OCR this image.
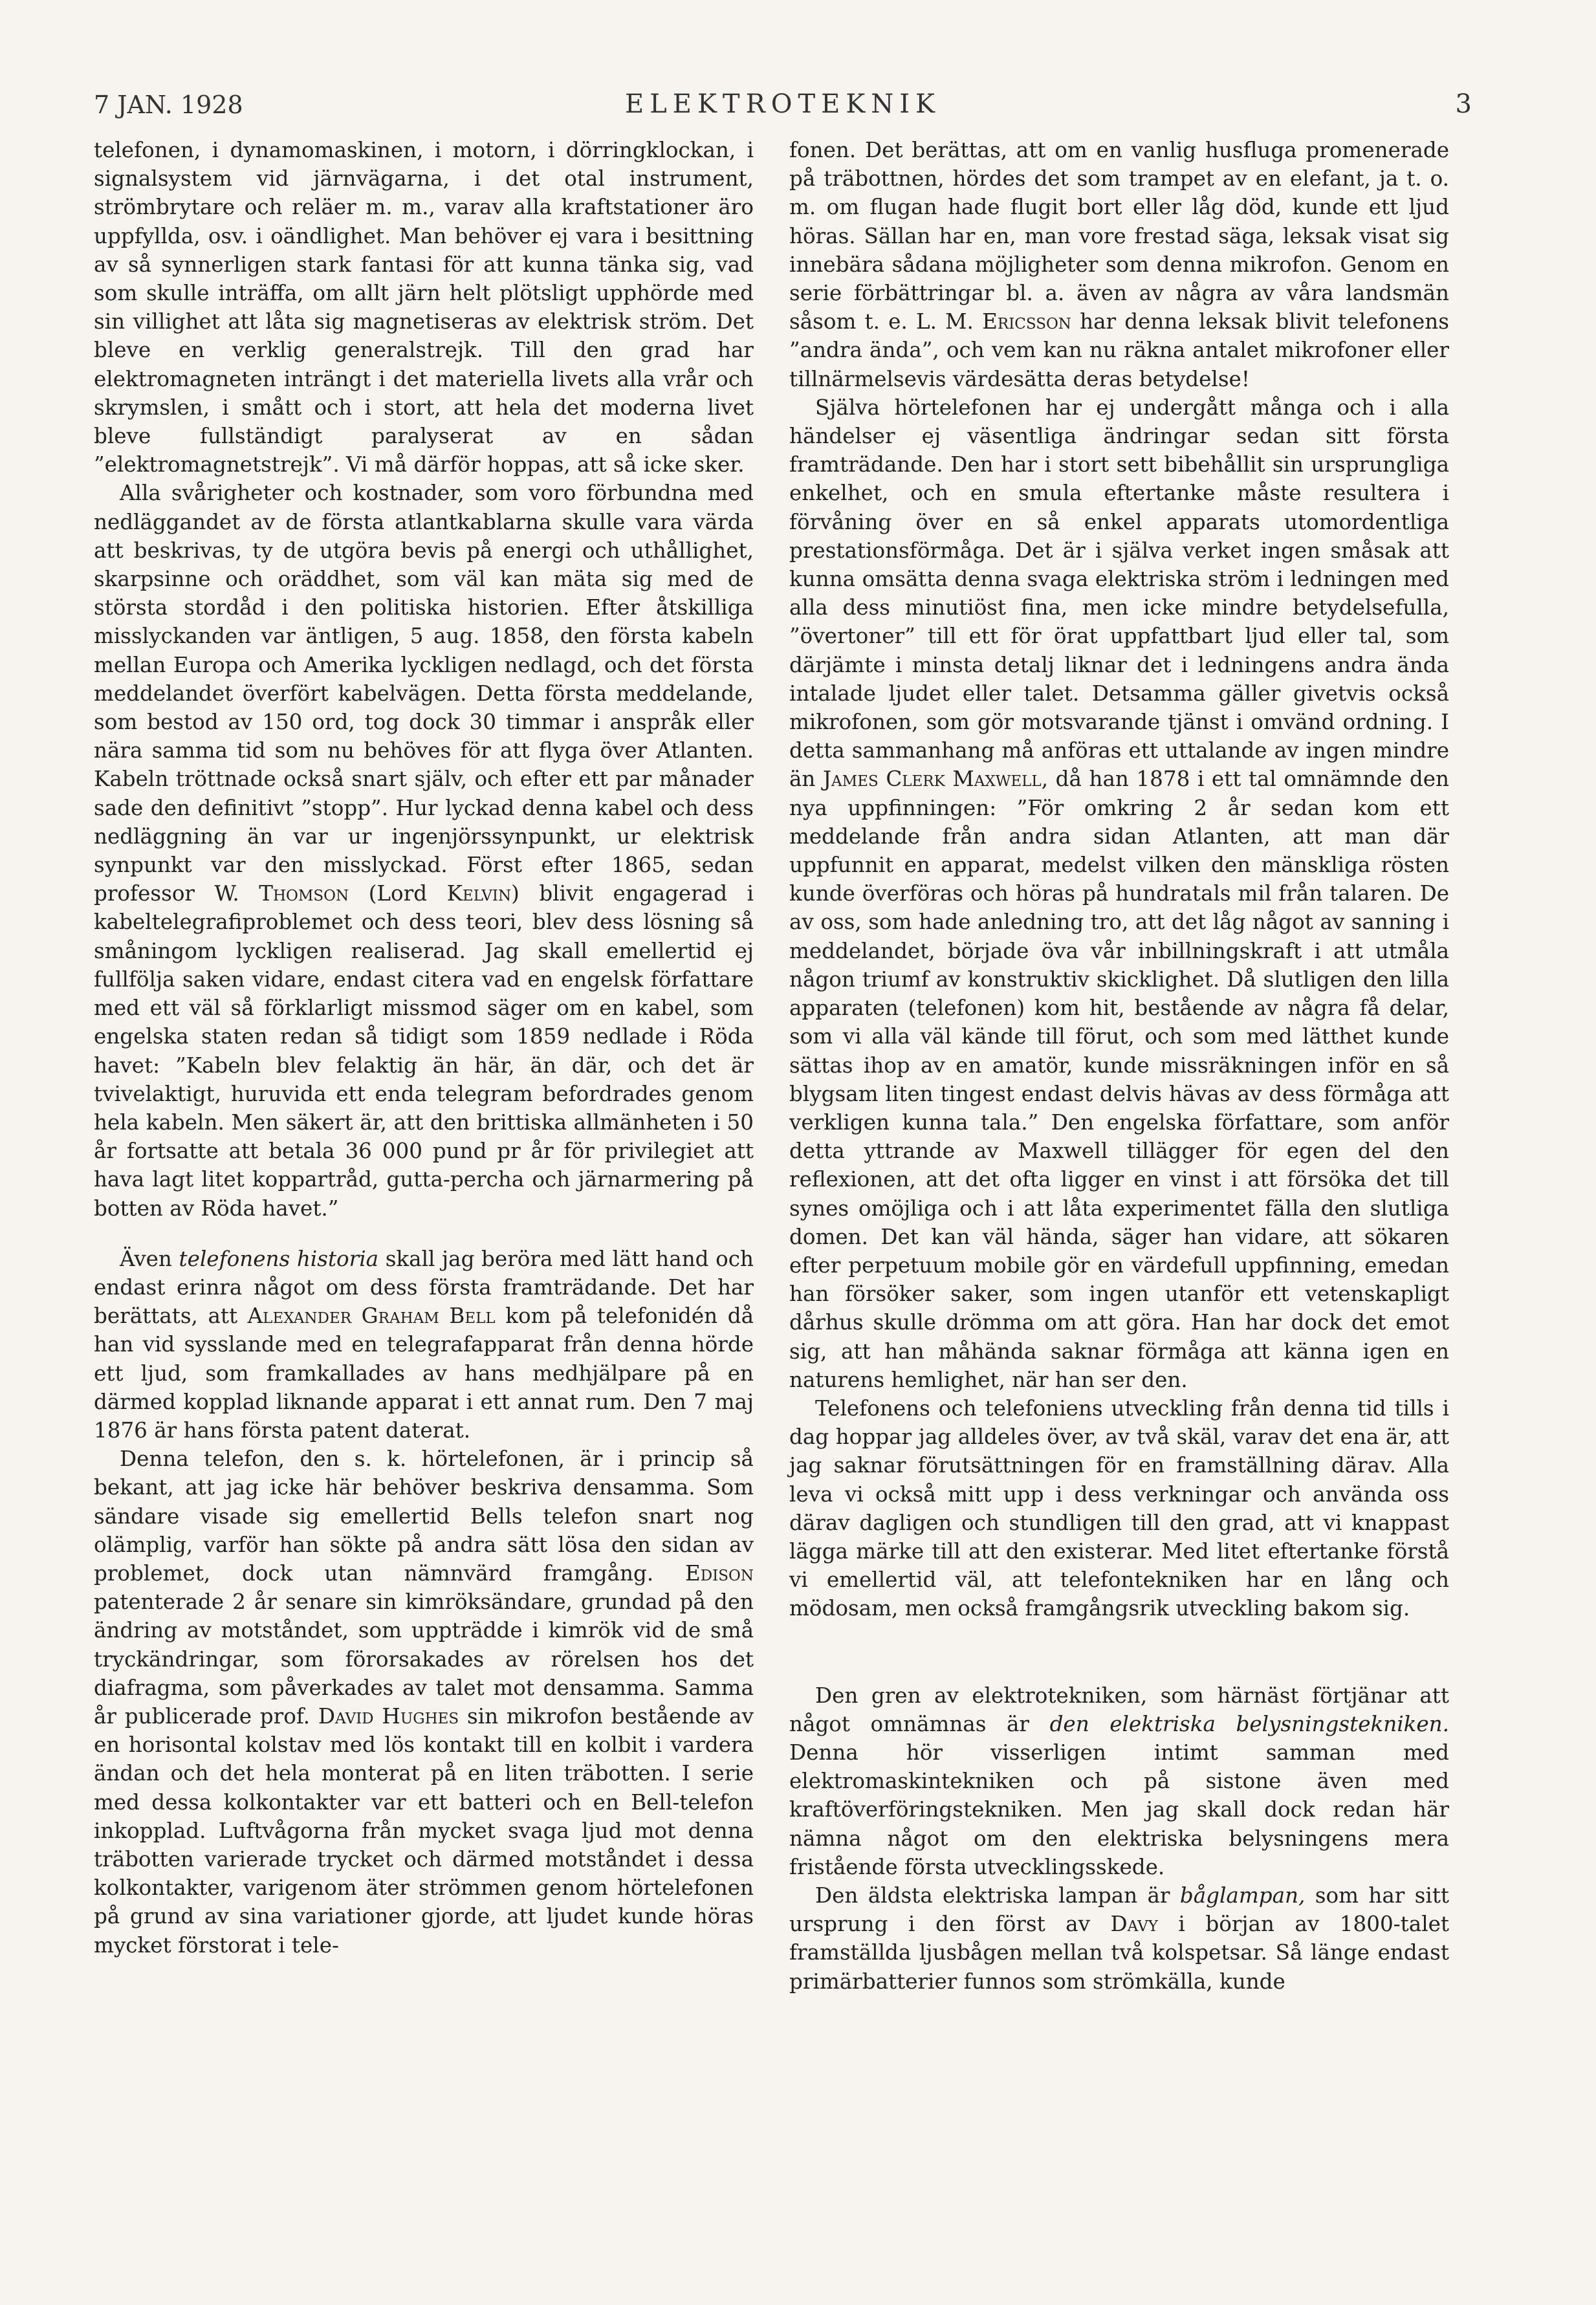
7 JAN. 1928	ELEKTROTEKNIK	3

telefonen, i dynamomaskinen, i motorn, i dörringklockan, i signalsystem vid järnvägarna, i det otal instrument, strömbrytare och reläer m. m., varav alla kraftstationer äro uppfyllda, osv. i oändlighet. Man behöver ej vara i besittning av så synnerligen stark fantasi för att kunna tänka sig, vad som skulle inträffa, om allt järn helt plötsligt upphörde med sin villighet att låta sig magnetiseras av elektrisk ström. Det bleve en verklig generalstrejk. Till den grad har elektromagneten inträngt i det materiella livets alla vrår och skrymslen, i smått och i stort, att hela det moderna livet bleve fullständigt paralyserat av en sådan ”elektromagnetstrejk”. Vi må därför hoppas, att så icke sker.

Alla svårigheter och kostnader, som voro förbundna med nedläggandet av de första atlantkablarna skulle vara värda att beskrivas, ty de utgöra bevis på energi och uthållighet, skarpsinne och oräddhet, som väl kan mäta sig med de största stordåd i den politiska historien. Efter åtskilliga misslyckanden var äntligen, 5 aug. 1858, den första kabeln mellan Europa och Amerika lyckligen nedlagd, och det första meddelandet överfört kabelvägen. Detta första meddelande, som bestod av 150 ord, tog dock 30 timmar i anspråk eller nära samma tid som nu behöves för att flyga över Atlanten. Kabeln tröttnade också snart själv, och efter ett par månader sade den definitivt ”stopp”. Hur lyckad denna kabel och dess nedläggning än var ur ingenjörssynpunkt, ur elektrisk synpunkt var den misslyckad. Först efter 1865, sedan professor W. Thomson (Lord Kelvin) blivit engagerad i kabeltelegrafiproblemet och dess teori, blev dess lösning så småningom lyckligen realiserad. Jag skall emellertid ej fullfölja saken vidare, endast citera vad en engelsk författare med ett väl så förklarligt missmod säger om en kabel, som engelska staten redan så tidigt som 1859 nedlade i Röda havet: ”Kabeln blev felaktig än här, än där, och det är tvivelaktigt, huruvida ett enda telegram befordrades genom hela kabeln. Men säkert är, att den brittiska allmänheten i 50 år fortsatte att betala 36 000 pund pr år för privilegiet att hava lagt litet koppartråd, gutta-percha och järnarmering på botten av Röda havet.”

Även telefonens historia skall jag beröra med lätt hand och endast erinra något om dess första framträdande. Det har berättats, att Alexander Graham Bell kom på telefonidén då han vid sysslande med en telegrafapparat från denna hörde ett ljud, som framkallades av hans medhjälpare på en därmed kopplad liknande apparat i ett annat rum. Den 7 maj 1876 är hans första patent daterat.

Denna telefon, den s. k. hörtelefonen, är i princip så bekant, att jag icke här behöver beskriva densamma. Som sändare visade sig emellertid Bells telefon snart nog olämplig, varför han sökte på andra sätt lösa den sidan av problemet, dock utan nämnvärd framgång. Edison patenterade 2 år senare sin kimröksändare, grundad på den ändring av motståndet, som uppträdde i kimrök vid de små tryckändringar, som förorsakades av rörelsen hos det diafragma, som påverkades av talet mot densamma. Samma år publicerade prof. David Hughes sin mikrofon bestående av en horisontal kolstav med lös kontakt till en kolbit i vardera ändan och det hela monterat på en liten träbotten. I serie med dessa kolkontakter var ett batteri och en Bell-telefon inkopplad. Luftvågorna från mycket svaga ljud mot denna träbotten varierade trycket och därmed motståndet i dessa kolkontakter, varigenom äter strömmen genom hörtelefonen på grund av sina variationer gjorde, att ljudet kunde höras mycket förstorat i tele-

fonen. Det berättas, att om en vanlig husfluga promenerade på träbottnen, hördes det som trampet av en elefant, ja t. o. m. om flugan hade flugit bort eller låg död, kunde ett ljud höras. Sällan har en, man vore frestad säga, leksak visat sig innebära sådana möjligheter som denna mikrofon. Genom en serie förbättringar bl. a. även av några av våra landsmän såsom t. e. L. M. Ericsson har denna leksak blivit telefonens ”andra ända”, och vem kan nu räkna antalet mikrofoner eller tillnärmelsevis värdesätta deras betydelse!

Själva hörtelefonen har ej undergått många och i alla händelser ej väsentliga ändringar sedan sitt första framträdande. Den har i stort sett bibehållit sin ursprungliga enkelhet, och en smula eftertanke måste resultera i förvåning över en så enkel apparats utomordentliga prestationsförmåga. Det är i själva verket ingen småsak att kunna omsätta denna svaga elektriska ström i ledningen med alla dess minutiöst fina, men icke mindre betydelsefulla, ”övertoner” till ett för örat uppfattbart ljud eller tal, som därjämte i minsta detalj liknar det i ledningens andra ända intalade ljudet eller talet. Detsamma gäller givetvis också mikrofonen, som gör motsvarande tjänst i omvänd ordning. I detta sammanhang må anföras ett uttalande av ingen mindre än James Clerk Maxwell, då han 1878 i ett tal omnämnde den nya uppfinningen: ”För omkring 2 år sedan kom ett meddelande från andra sidan Atlanten, att man där uppfunnit en apparat, medelst vilken den mänskliga rösten kunde överföras och höras på hundratals mil från talaren. De av oss, som hade anledning tro, att det låg något av sanning i meddelandet, började öva vår inbillningskraft i att utmåla någon triumf av konstruktiv skicklighet. Då slutligen den lilla apparaten (telefonen) kom hit, bestående av några få delar, som vi alla väl kände till förut, och som med lätthet kunde sättas ihop av en amatör, kunde missräkningen inför en så blygsam liten tingest endast delvis hävas av dess förmåga att verkligen kunna tala.” Den engelska författare, som anför detta yttrande av Maxwell tillägger för egen del den reflexionen, att det ofta ligger en vinst i att försöka det till synes omöjliga och i att låta experimentet fälla den slutliga domen. Det kan väl hända, säger han vidare, att sökaren efter perpetuum mobile gör en värdefull uppfinning, emedan han försöker saker, som ingen utanför ett vetenskapligt dårhus skulle drömma om att göra. Han har dock det emot sig, att han måhända saknar förmåga att känna igen en naturens hemlighet, när han ser den.

Telefonens och telefoniens utveckling från denna tid tills i dag hoppar jag alldeles över, av två skäl, varav det ena är, att jag saknar förutsättningen för en framställning därav. Alla leva vi också mitt upp i dess verkningar och använda oss därav dagligen och stundligen till den grad, att vi knappast lägga märke till att den existerar. Med litet eftertanke förstå vi emellertid väl, att telefontekniken har en lång och mödosam, men också framgångsrik utveckling bakom sig.

Den gren av elektrotekniken, som härnäst förtjänar att något omnämnas är den elektriska belysningstekniken. Denna hör visserligen intimt samman med elektromaskintekniken och på sistone även med kraftöverföringstekniken. Men jag skall dock redan här nämna något om den elektriska belysningens mera fristående första utvecklingsskede.

Den äldsta elektriska lampan är båglampan, som har sitt ursprung i den först av Davy i början av 1800-talet framställda ljusbågen mellan två kolspetsar. Så länge endast primärbatterier funnos som strömkälla, kunde
